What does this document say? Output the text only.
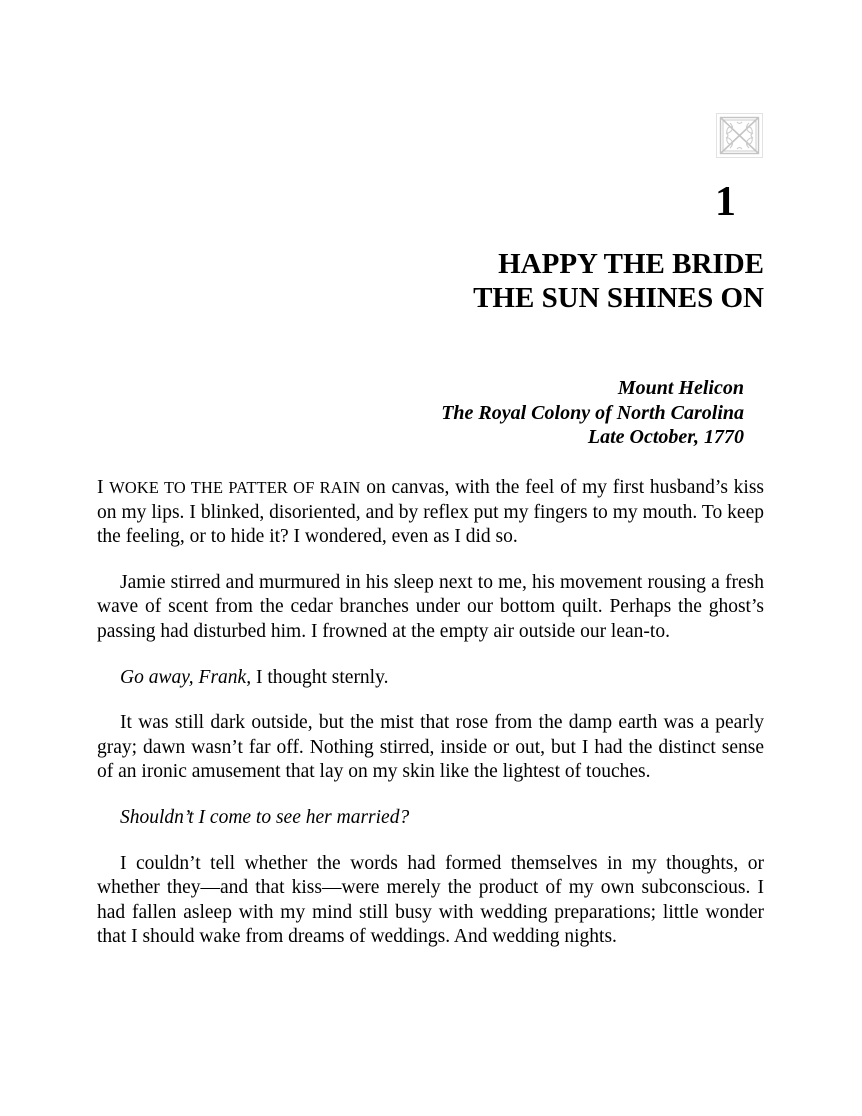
1
HAPPY THE BRIDE
THE SUN SHINES ON
Mount Helicon
The Royal Colony of North Carolina
Late October, 1770

I WOKE TO THE PATTER OF RAIN on canvas, with the feel of my first husband’s kiss on my lips. I blinked, disoriented, and by reflex put my fingers to my mouth. To keep the feeling, or to hide it? I wondered, even as I did so.

Jamie stirred and murmured in his sleep next to me, his movement rousing a fresh wave of scent from the cedar branches under our bottom quilt. Perhaps the ghost’s passing had disturbed him. I frowned at the empty air outside our lean-to.

Go away, Frank, I thought sternly.

It was still dark outside, but the mist that rose from the damp earth was a pearly gray; dawn wasn’t far off. Nothing stirred, inside or out, but I had the distinct sense of an ironic amusement that lay on my skin like the lightest of touches.

Shouldn’t I come to see her married?

I couldn’t tell whether the words had formed themselves in my thoughts, or whether they—and that kiss—were merely the product of my own subconscious. I had fallen asleep with my mind still busy with wedding preparations; little wonder that I should wake from dreams of weddings. And wedding nights.
